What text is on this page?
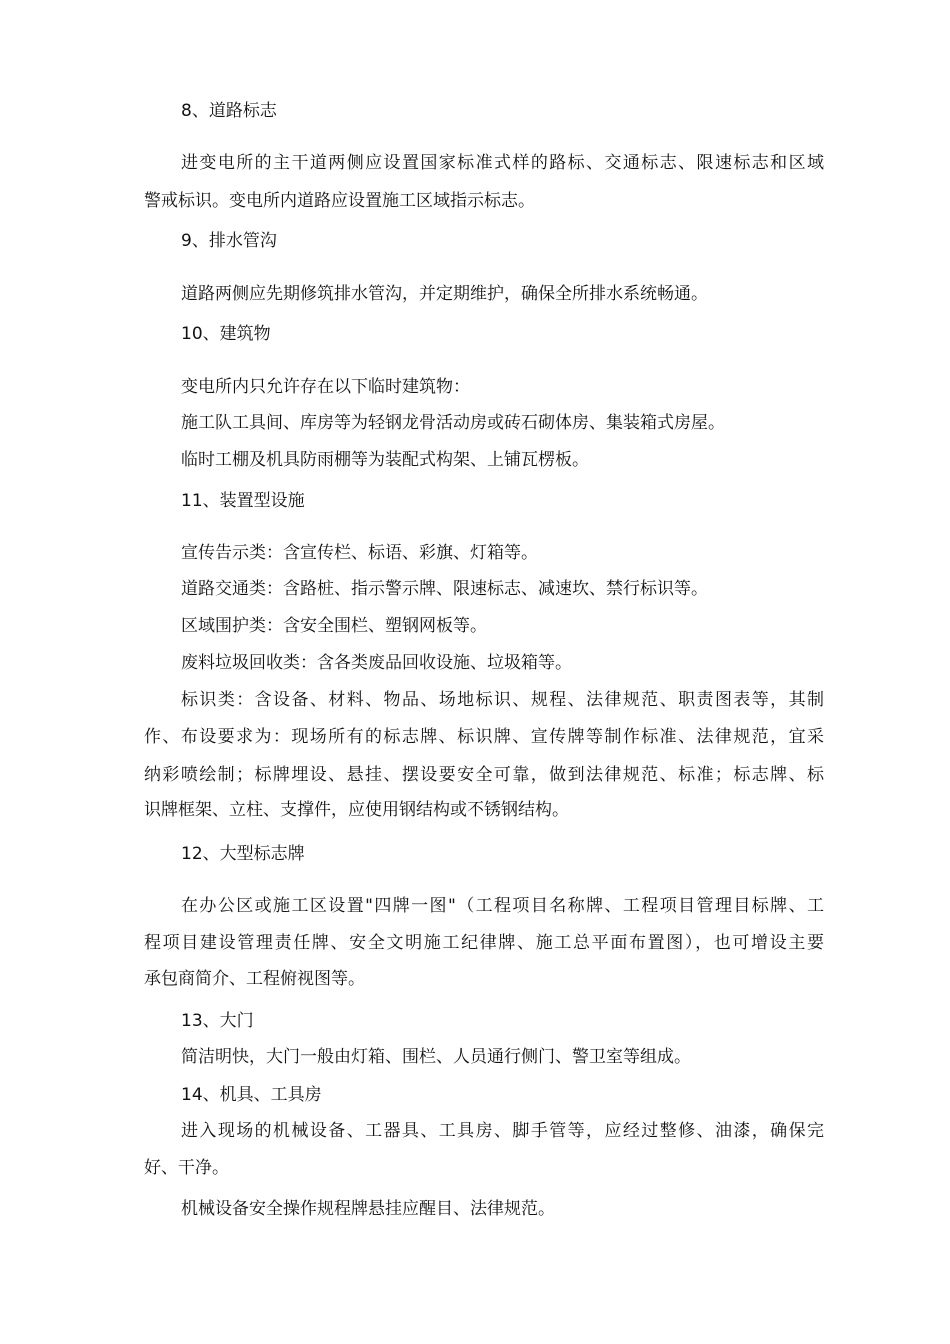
8、道路标志
进变电所的主干道两侧应设置国家标准式样的路标、交通标志、限速标志和区域
警戒标识。变电所内道路应设置施工区域指示标志。
9、排水管沟
道路两侧应先期修筑排水管沟，并定期维护，确保全所排水系统畅通。
10、建筑物
变电所内只允许存在以下临时建筑物：
施工队工具间、库房等为轻钢龙骨活动房或砖石砌体房、集装箱式房屋。
临时工棚及机具防雨棚等为装配式构架、上铺瓦楞板。
11、装置型设施
宣传告示类：含宣传栏、标语、彩旗、灯箱等。
道路交通类：含路桩、指示警示牌、限速标志、减速坎、禁行标识等。
区域围护类：含安全围栏、塑钢网板等。
废料垃圾回收类：含各类废品回收设施、垃圾箱等。
标识类：含设备、材料、物品、场地标识、规程、法律规范、职责图表等，其制
作、布设要求为：现场所有的标志牌、标识牌、宣传牌等制作标准、法律规范，宜采
纳彩喷绘制；标牌埋设、悬挂、摆设要安全可靠，做到法律规范、标准；标志牌、标
识牌框架、立柱、支撑件，应使用钢结构或不锈钢结构。
12、大型标志牌
在办公区或施工区设置"四牌一图"（工程项目名称牌、工程项目管理目标牌、工
程项目建设管理责任牌、安全文明施工纪律牌、施工总平面布置图），也可增设主要
承包商简介、工程俯视图等。
13、大门
简洁明快，大门一般由灯箱、围栏、人员通行侧门、警卫室等组成。
14、机具、工具房
进入现场的机械设备、工器具、工具房、脚手管等，应经过整修、油漆，确保完
好、干净。
机械设备安全操作规程牌悬挂应醒目、法律规范。
